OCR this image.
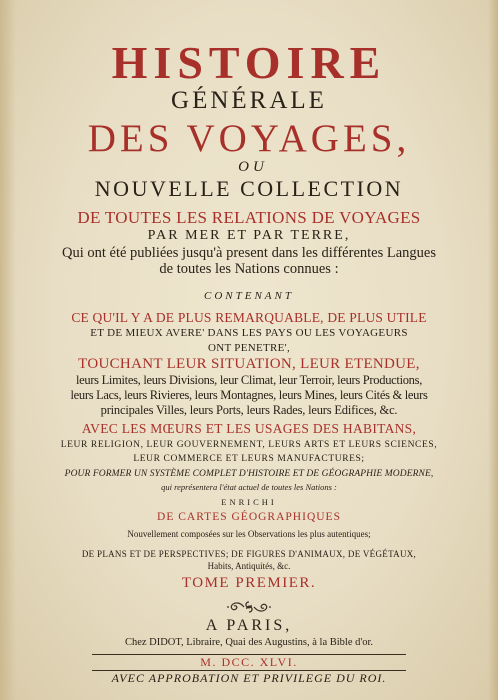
HISTOIRE
GÉNÉRALE
DES VOYAGES,
OU
NOUVELLE COLLECTION
DE TOUTES LES RELATIONS DE VOYAGES
PAR MER ET PAR TERRE,
Qui ont été publiées jusqu'à present dans les différentes Langues
de toutes les Nations connues :
CONTENANT
CE QU'IL Y A DE PLUS REMARQUABLE, DE PLUS UTILE
ET DE MIEUX AVERE' DANS LES PAYS OU LES VOYAGEURS
ONT PENETRE',
TOUCHANT LEUR SITUATION, LEUR ETENDUE,
leurs Limites, leurs Divisions, leur Climat, leur Terroir, leurs Productions,
leurs Lacs, leurs Rivieres, leurs Montagnes, leurs Mines, leurs Cités & leurs
principales Villes, leurs Ports, leurs Rades, leurs Edifices, &c.
AVEC LES MŒURS ET LES USAGES DES HABITANS,
LEUR RELIGION, LEUR GOUVERNEMENT, LEURS ARTS ET LEURS SCIENCES,
LEUR COMMERCE ET LEURS MANUFACTURES;
POUR FORMER UN SYSTÈME COMPLET D'HISTOIRE ET DE GÉOGRAPHIE MODERNE,
qui représentera l'état actuel de toutes les Nations :
ENRICHI
DE CARTES GÉOGRAPHIQUES
Nouvellement composées sur les Observations les plus autentiques;
DE PLANS ET DE PERSPECTIVES; DE FIGURES D'ANIMAUX, DE VÉGÉTAUX,
Habits, Antiquités, &c.
TOME PREMIER.
A PARIS,
Chez DIDOT, Libraire, Quai des Augustins, à la Bible d'or.
M. DCC. XLVI.
AVEC APPROBATION ET PRIVILEGE DU ROI.
